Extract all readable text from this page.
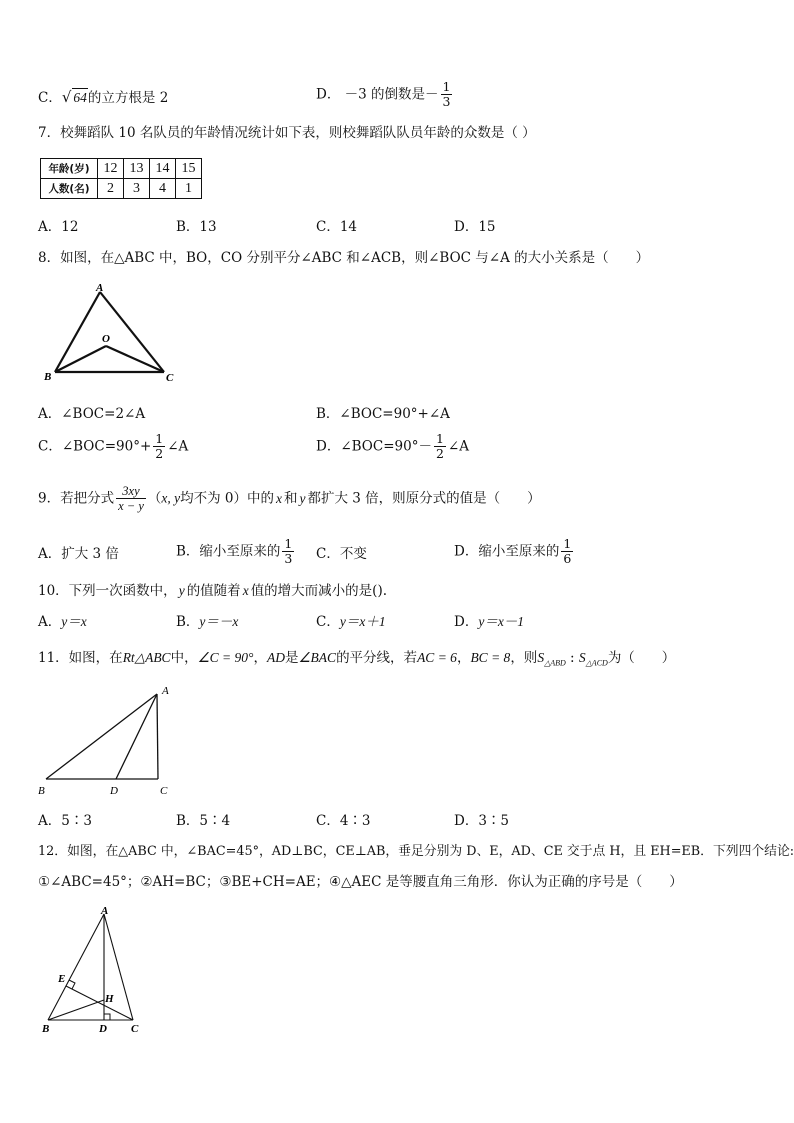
C．√ 64的立方根是 2	D． －3 的倒数是－ $\frac{1}{3}$
7．校舞蹈队 10 名队员的年龄情况统计如下表，则校舞蹈队队员年龄的众数是（ ）
年龄(岁)	12	13	14	15
人数(名)	2	3	4	1
A．12	B．13	C．14	D．15
8．如图，在△ABC 中，BO，CO 分别平分∠ABC 和∠ACB，则∠BOC 与∠A 的大小关系是（　　）
A
O
B	C
A．∠BOC=2∠A	B．∠BOC=90°+∠A
C．∠BOC=90°+ $\frac{1}{2}$ ∠A	D．∠BOC=90°－ $\frac{1}{2}$ ∠A
9．若把分式 $\frac{3xy}{x - y} (x$, y均不为 0）中的 x 和 y 都扩大 3 倍，则原分式的值是（　　）
A．扩大 3 倍	B．缩小至原来的 $\frac{1}{3}$ C．不变	D．缩小至原来的 $\frac{1}{6}$
10．下列一次函数中， y 的值随着 x 值的增大而减小的是().
A．y＝x	B．y＝－x	C．y＝x＋1	D．y＝x－1
11．如图，在Rt△ABC中，∠C = 90°，AD是∠BAC的平分线，若AC = 6，BC = 8，则$S_{\triangle ABD}$ : $S_{\triangle ACD}$为（　　）
A
B	D	C
A．5∶3	B．5∶4	C．4∶3	D．3∶5
12．如图，在△ABC 中，∠BAC=45°，AD⊥BC，CE⊥AB，垂足分别为 D、E，AD、CE 交于点 H，且 EH=EB．下列四个结论:
①∠ABC=45°；②AH=BC；③BE+CH=AE；④△AEC 是等腰直角三角形．你认为正确的序号是（　　）
A
E
H
B	D C
